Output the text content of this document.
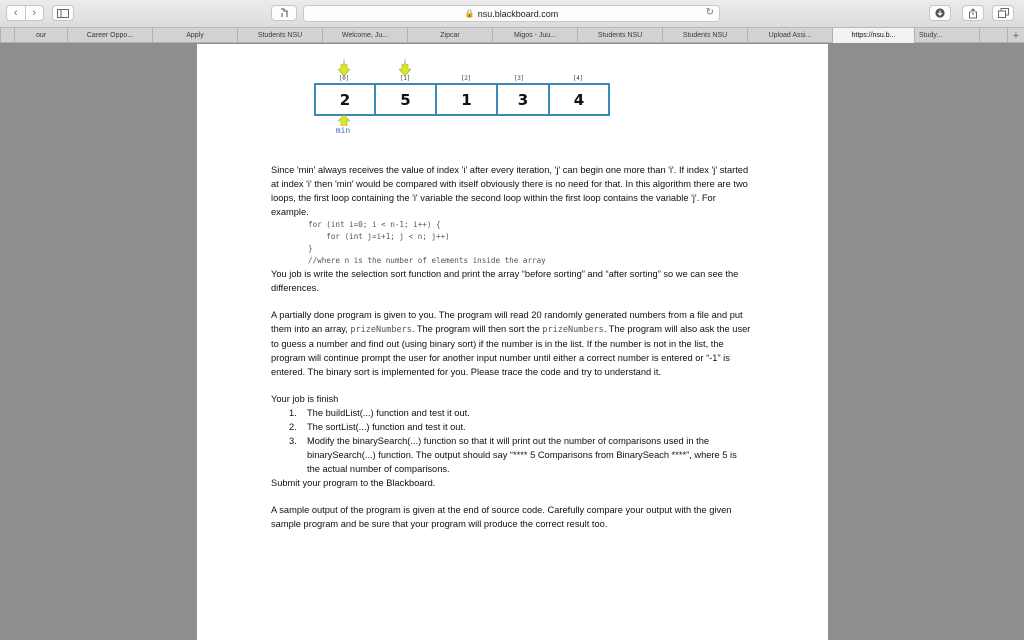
‹	›	🔒 nsu.blackboard.com	↻
our	Career Oppo...	Apply	Students NSU	Welcome, Ju...	Zipcar	Migos - Juu...	Students NSU	Students NSU	Upload Assi...	https://nsu.b...	Study...	+
i	j
[0]	[1]	[2]	[3]	[4]
2	5	1	3	4
min

Since 'min' always receives the value of index 'i' after every iteration, 'j' can begin one more than 'i'. If index 'j' started at index 'i' then 'min' would be compared with itself obviously there is no need for that. In this algorithm there are two loops, the first loop containing the 'i' variable the second loop within the first loop contains the variable 'j'. For example.

for (int i=0; i < n-1; i++) {
for (int j=i+1; j < n; j++)
}
//where n is the number of elements inside the array

You job is write the selection sort function and print the array “before sorting” and “after sorting” so we can see the differences.

A partially done program is given to you. The program will read 20 randomly generated numbers from a file and put them into an array, prizeNumbers. The program will then sort the prizeNumbers. The program will also ask the user to guess a number and find out (using binary sort) if the number is in the list. If the number is not in the list, the program will continue prompt the user for another input number until either a correct number is entered or “-1” is entered. The binary sort is implemented for you. Please trace the code and try to understand it.

Your job is finish

1.	The buildList(...) function and test it out.
2.	The sortList(...) function and test it out.
3.	Modify the binarySearch(...) function so that it will print out the number of comparisons used in the binarySearch(...) function. The output should say “**** 5 Comparisons from BinarySeach ****”, where 5 is the actual number of comparisons.

Submit your program to the Blackboard.

A sample output of the program is given at the end of source code. Carefully compare your output with the given sample program and be sure that your program will produce the correct result too.
